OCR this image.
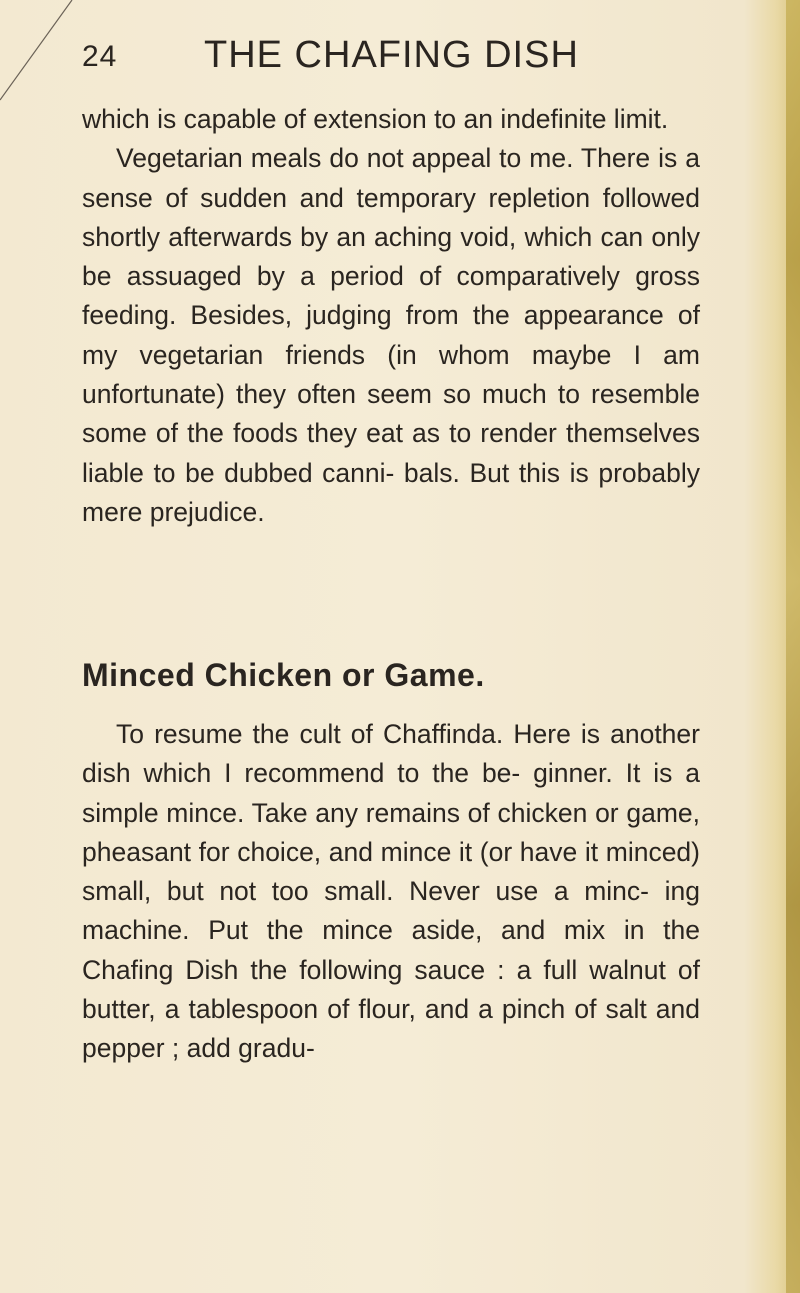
24 THE CHAFING DISH

which is capable of extension to an indefinite limit.

Vegetarian meals do not appeal to me. There is a sense of sudden and temporary repletion followed shortly afterwards by an aching void, which can only be assuaged by a period of comparatively gross feeding. Besides, judging from the appearance of my vegetarian friends (in whom maybe I am unfortunate) they often seem so much to resemble some of the foods they eat as to render themselves liable to be dubbed canni- bals. But this is probably mere prejudice.

Minced Chicken or Game.

To resume the cult of Chaffinda. Here is another dish which I recommend to the be- ginner. It is a simple mince. Take any remains of chicken or game, pheasant for choice, and mince it (or have it minced) small, but not too small. Never use a minc- ing machine. Put the mince aside, and mix in the Chafing Dish the following sauce : a full walnut of butter, a tablespoon of flour, and a pinch of salt and pepper ; add gradu-
